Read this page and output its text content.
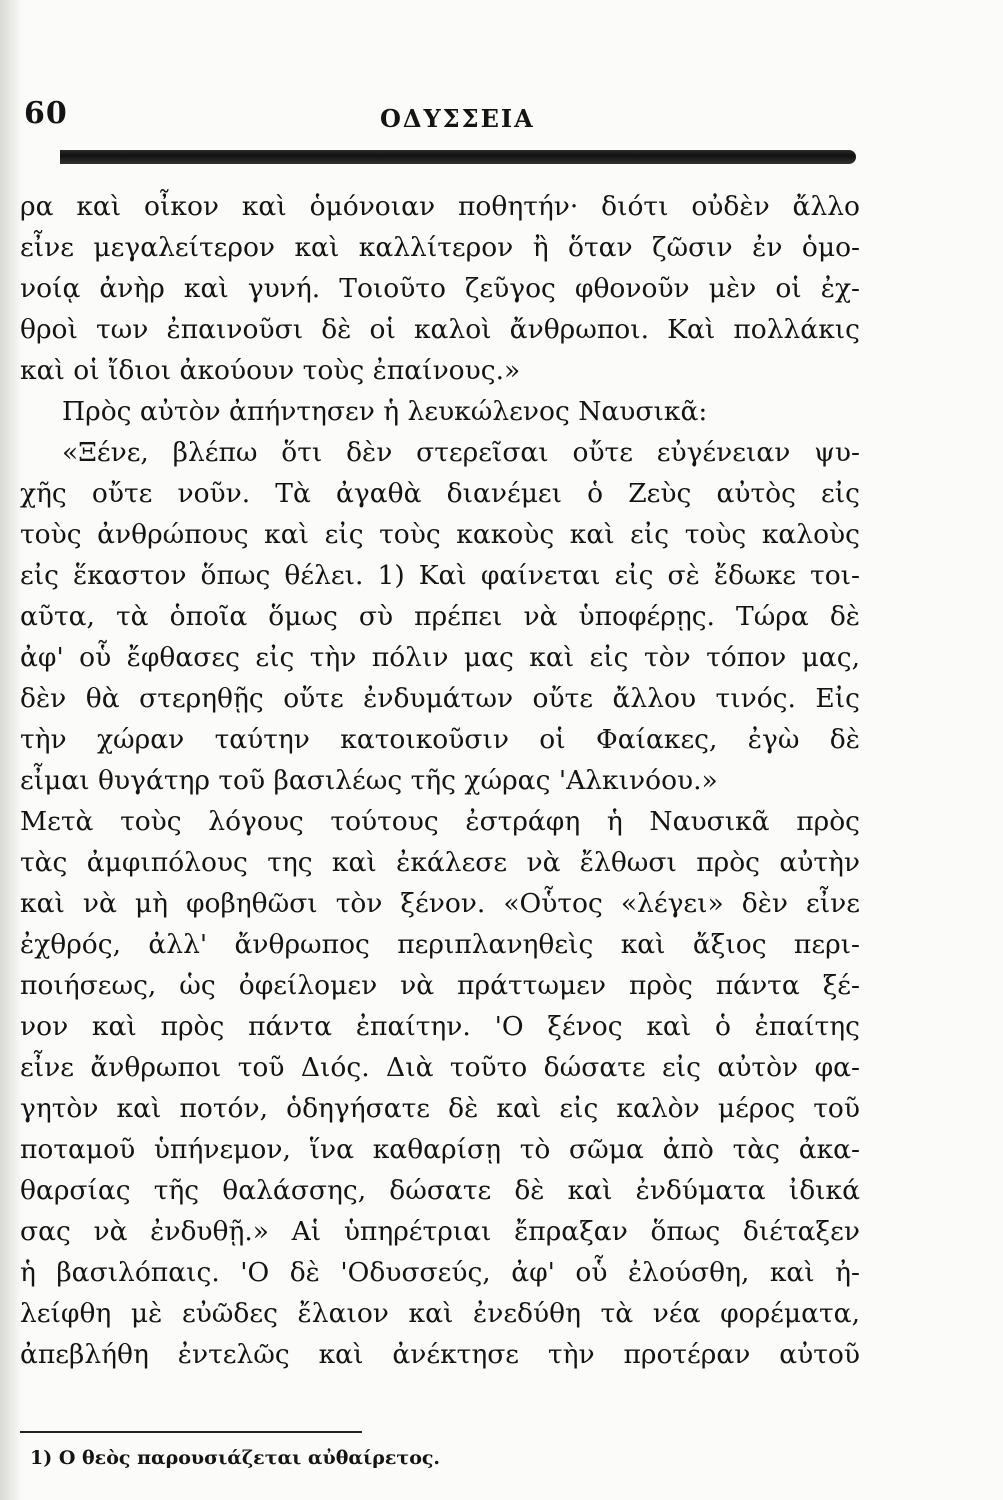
60	ΟΔΥΣΣΕΙΑ
ρα καὶ οἶκον καὶ ὁμόνοιαν ποθητήν· διότι οὐδὲν ἄλλο
εἶνε μεγαλείτερον καὶ καλλίτερον ἢ ὅταν ζῶσιν ἐν ὁμο-
νοίᾳ ἀνὴρ καὶ γυνή. Τοιοῦτο ζεῦγος φθονοῦν μὲν οἱ ἐχ-
θροὶ των ἐπαινοῦσι δὲ οἱ καλοὶ ἄνθρωποι. Καὶ πολλάκις
καὶ οἱ ἴδιοι ἀκούουν τοὺς ἐπαίνους.»
Πρὸς αὐτὸν ἀπήντησεν ἡ λευκώλενος Ναυσικᾶ:
«Ξένε, βλέπω ὅτι δὲν στερεῖσαι οὔτε εὐγένειαν ψυ-
χῆς οὔτε νοῦν. Τὰ ἀγαθὰ διανέμει ὁ Ζεὺς αὐτὸς εἰς
τοὺς ἀνθρώπους καὶ εἰς τοὺς κακοὺς καὶ εἰς τοὺς καλοὺς
εἰς ἕκαστον ὅπως θέλει. 1) Καὶ φαίνεται εἰς σὲ ἔδωκε τοι-
αῦτα, τὰ ὁποῖα ὅμως σὺ πρέπει νὰ ὑποφέρῃς. Τώρα δὲ
ἀφ' οὗ ἔφθασες εἰς τὴν πόλιν μας καὶ εἰς τὸν τόπον μας,
δὲν θὰ στερηθῇς οὔτε ἐνδυμάτων οὔτε ἄλλου τινός. Εἰς
τὴν χώραν ταύτην κατοικοῦσιν οἱ Φαίακες, ἐγὼ δὲ
εἶμαι θυγάτηρ τοῦ βασιλέως τῆς χώρας 'Αλκινόου.»
Μετὰ τοὺς λόγους τούτους ἐστράφη ἡ Ναυσικᾶ πρὸς
τὰς ἀμφιπόλους της καὶ ἐκάλεσε νὰ ἔλθωσι πρὸς αὐτὴν
καὶ νὰ μὴ φοβηθῶσι τὸν ξένον. «Οὗτος «λέγει» δὲν εἶνε
ἐχθρός, ἀλλ' ἄνθρωπος περιπλανηθεὶς καὶ ἄξιος περι-
ποιήσεως, ὡς ὀφείλομεν νὰ πράττωμεν πρὸς πάντα ξέ-
νον καὶ πρὸς πάντα ἐπαίτην. 'Ο ξένος καὶ ὁ ἐπαίτης
εἶνε ἄνθρωποι τοῦ Διός. Διὰ τοῦτο δώσατε εἰς αὐτὸν φα-
γητὸν καὶ ποτόν, ὁδηγήσατε δὲ καὶ εἰς καλὸν μέρος τοῦ
ποταμοῦ ὑπήνεμον, ἵνα καθαρίσῃ τὸ σῶμα ἀπὸ τὰς ἀκα-
θαρσίας τῆς θαλάσσης, δώσατε δὲ καὶ ἐνδύματα ἰδικά
σας νὰ ἐνδυθῇ.» Αἱ ὑπηρέτριαι ἔπραξαν ὅπως διέταξεν
ἡ βασιλόπαις. 'Ο δὲ 'Οδυσσεύς, ἀφ' οὗ ἐλούσθη, καὶ ἠ-
λείφθη μὲ εὐῶδες ἔλαιον καὶ ἐνεδύθη τὰ νέα φορέματα,
ἀπεβλήθη ἐντελῶς καὶ ἀνέκτησε τὴν προτέραν αὐτοῦ
1) Ο θεὸς παρουσιάζεται αὐθαίρετος.
